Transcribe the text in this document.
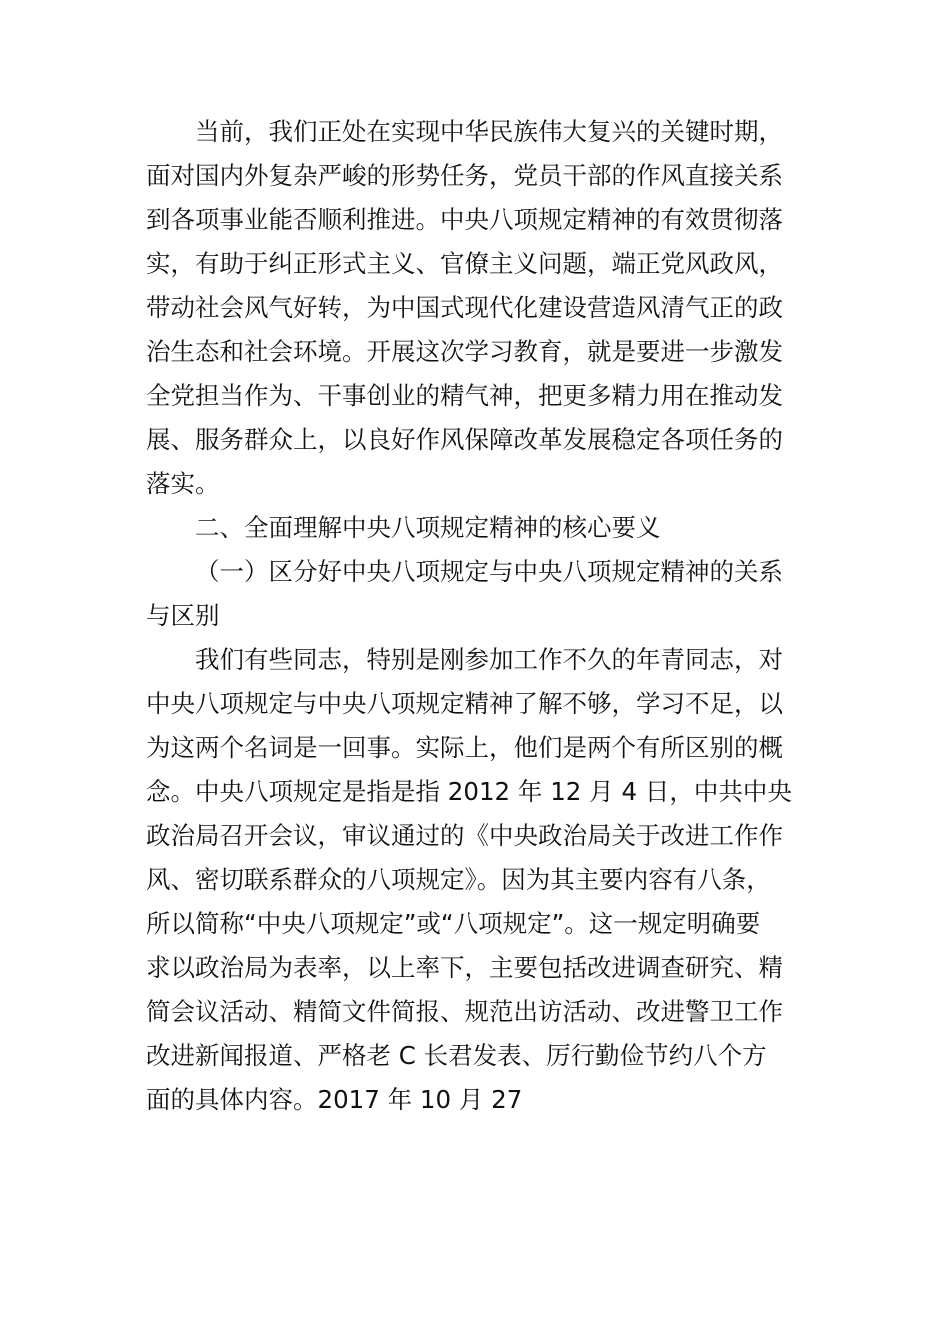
当前，我们正处在实现中华民族伟大复兴的关键时期，
面对国内外复杂严峻的形势任务，党员干部的作风直接关系
到各项事业能否顺利推进。中央八项规定精神的有效贯彻落
实，有助于纠正形式主义、官僚主义问题，端正党风政风，
带动社会风气好转，为中国式现代化建设营造风清气正的政
治生态和社会环境。开展这次学习教育，就是要进一步激发
全党担当作为、干事创业的精气神，把更多精力用在推动发
展、服务群众上，以良好作风保障改革发展稳定各项任务的
落实。
二、全面理解中央八项规定精神的核心要义
（一）区分好中央八项规定与中央八项规定精神的关系
与区别
我们有些同志，特别是刚参加工作不久的年青同志，对
中央八项规定与中央八项规定精神了解不够，学习不足，以
为这两个名词是一回事。实际上，他们是两个有所区别的概
念。中央八项规定是指是指 2012 年 12 月 4 日，中共中央
政治局召开会议，审议通过的《中央政治局关于改进工作作
风、密切联系群众的八项规定》。因为其主要内容有八条，
所以简称“中央八项规定”或“八项规定”。这一规定明确要
求以政治局为表率，以上率下，主要包括改进调查研究、精
简会议活动、精简文件简报、规范出访活动、改进警卫工作
改进新闻报道、严格老 C 长君发表、厉行勤俭节约八个方
面的具体内容。2017 年 10 月 27
